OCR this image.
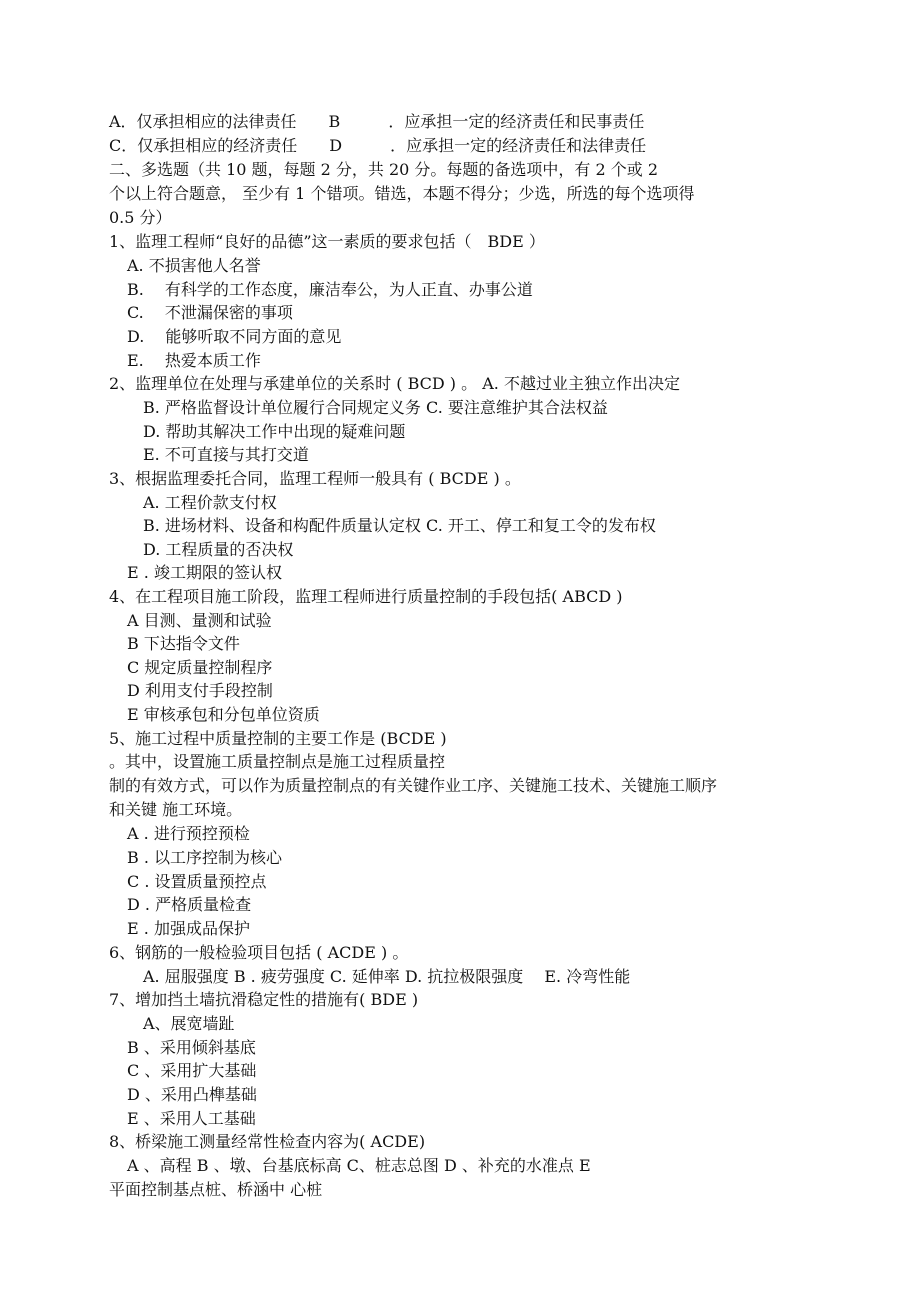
A．仅承担相应的法律责任　　B　　　．应承担一定的经济责任和民事责任
C．仅承担相应的经济责任　　D　　　．应承担一定的经济责任和法律责任
二、多选题（共 10 题，每题 2 分，共 20 分。每题的备选项中，有 2 个或 2
个以上符合题意， 至少有 1 个错项。错选，本题不得分；少选，所选的每个选项得
0.5 分）
1、监理工程师“良好的品德”这一素质的要求包括（　BDE ）
A. 不损害他人名誉
B.　 有科学的工作态度，廉洁奉公，为人正直、办事公道
C.　 不泄漏保密的事项
D.　 能够听取不同方面的意见
E.　 热爱本质工作
2、监理单位在处理与承建单位的关系时 ( BCD ) 。 A. 不越过业主独立作出决定
B. 严格监督设计单位履行合同规定义务 C. 要注意维护其合法权益
D. 帮助其解决工作中出现的疑难问题
E. 不可直接与其打交道
3、根据监理委托合同，监理工程师一般具有 ( BCDE ) 。
A. 工程价款支付权
B. 进场材料、设备和构配件质量认定权 C. 开工、停工和复工令的发布权
D. 工程质量的否决权
E . 竣工期限的签认权
4、在工程项目施工阶段，监理工程师进行质量控制的手段包括( ABCD )
A 目测、量测和试验
B 下达指令文件
C 规定质量控制程序
D 利用支付手段控制
E 审核承包和分包单位资质
5、施工过程中质量控制的主要工作是 (BCDE )
。其中，设置施工质量控制点是施工过程质量控
制的有效方式，可以作为质量控制点的有关键作业工序、关键施工技术、关键施工顺序
和关键 施工环境。
A . 进行预控预检
B . 以工序控制为核心
C . 设置质量预控点
D . 严格质量检查
E . 加强成品保护
6、钢筋的一般检验项目包括 ( ACDE ) 。
A. 屈服强度 B . 疲劳强度 C. 延伸率 D. 抗拉极限强度　 E. 冷弯性能
7、增加挡土墙抗滑稳定性的措施有( BDE )
A、展宽墙趾
B 、采用倾斜基底
C 、采用扩大基础
D 、采用凸榫基础
E 、采用人工基础
8、桥梁施工测量经常性检查内容为( ACDE)
A 、高程 B 、墩、台基底标高 C、桩志总图 D 、补充的水准点 E
平面控制基点桩、桥涵中 心桩
